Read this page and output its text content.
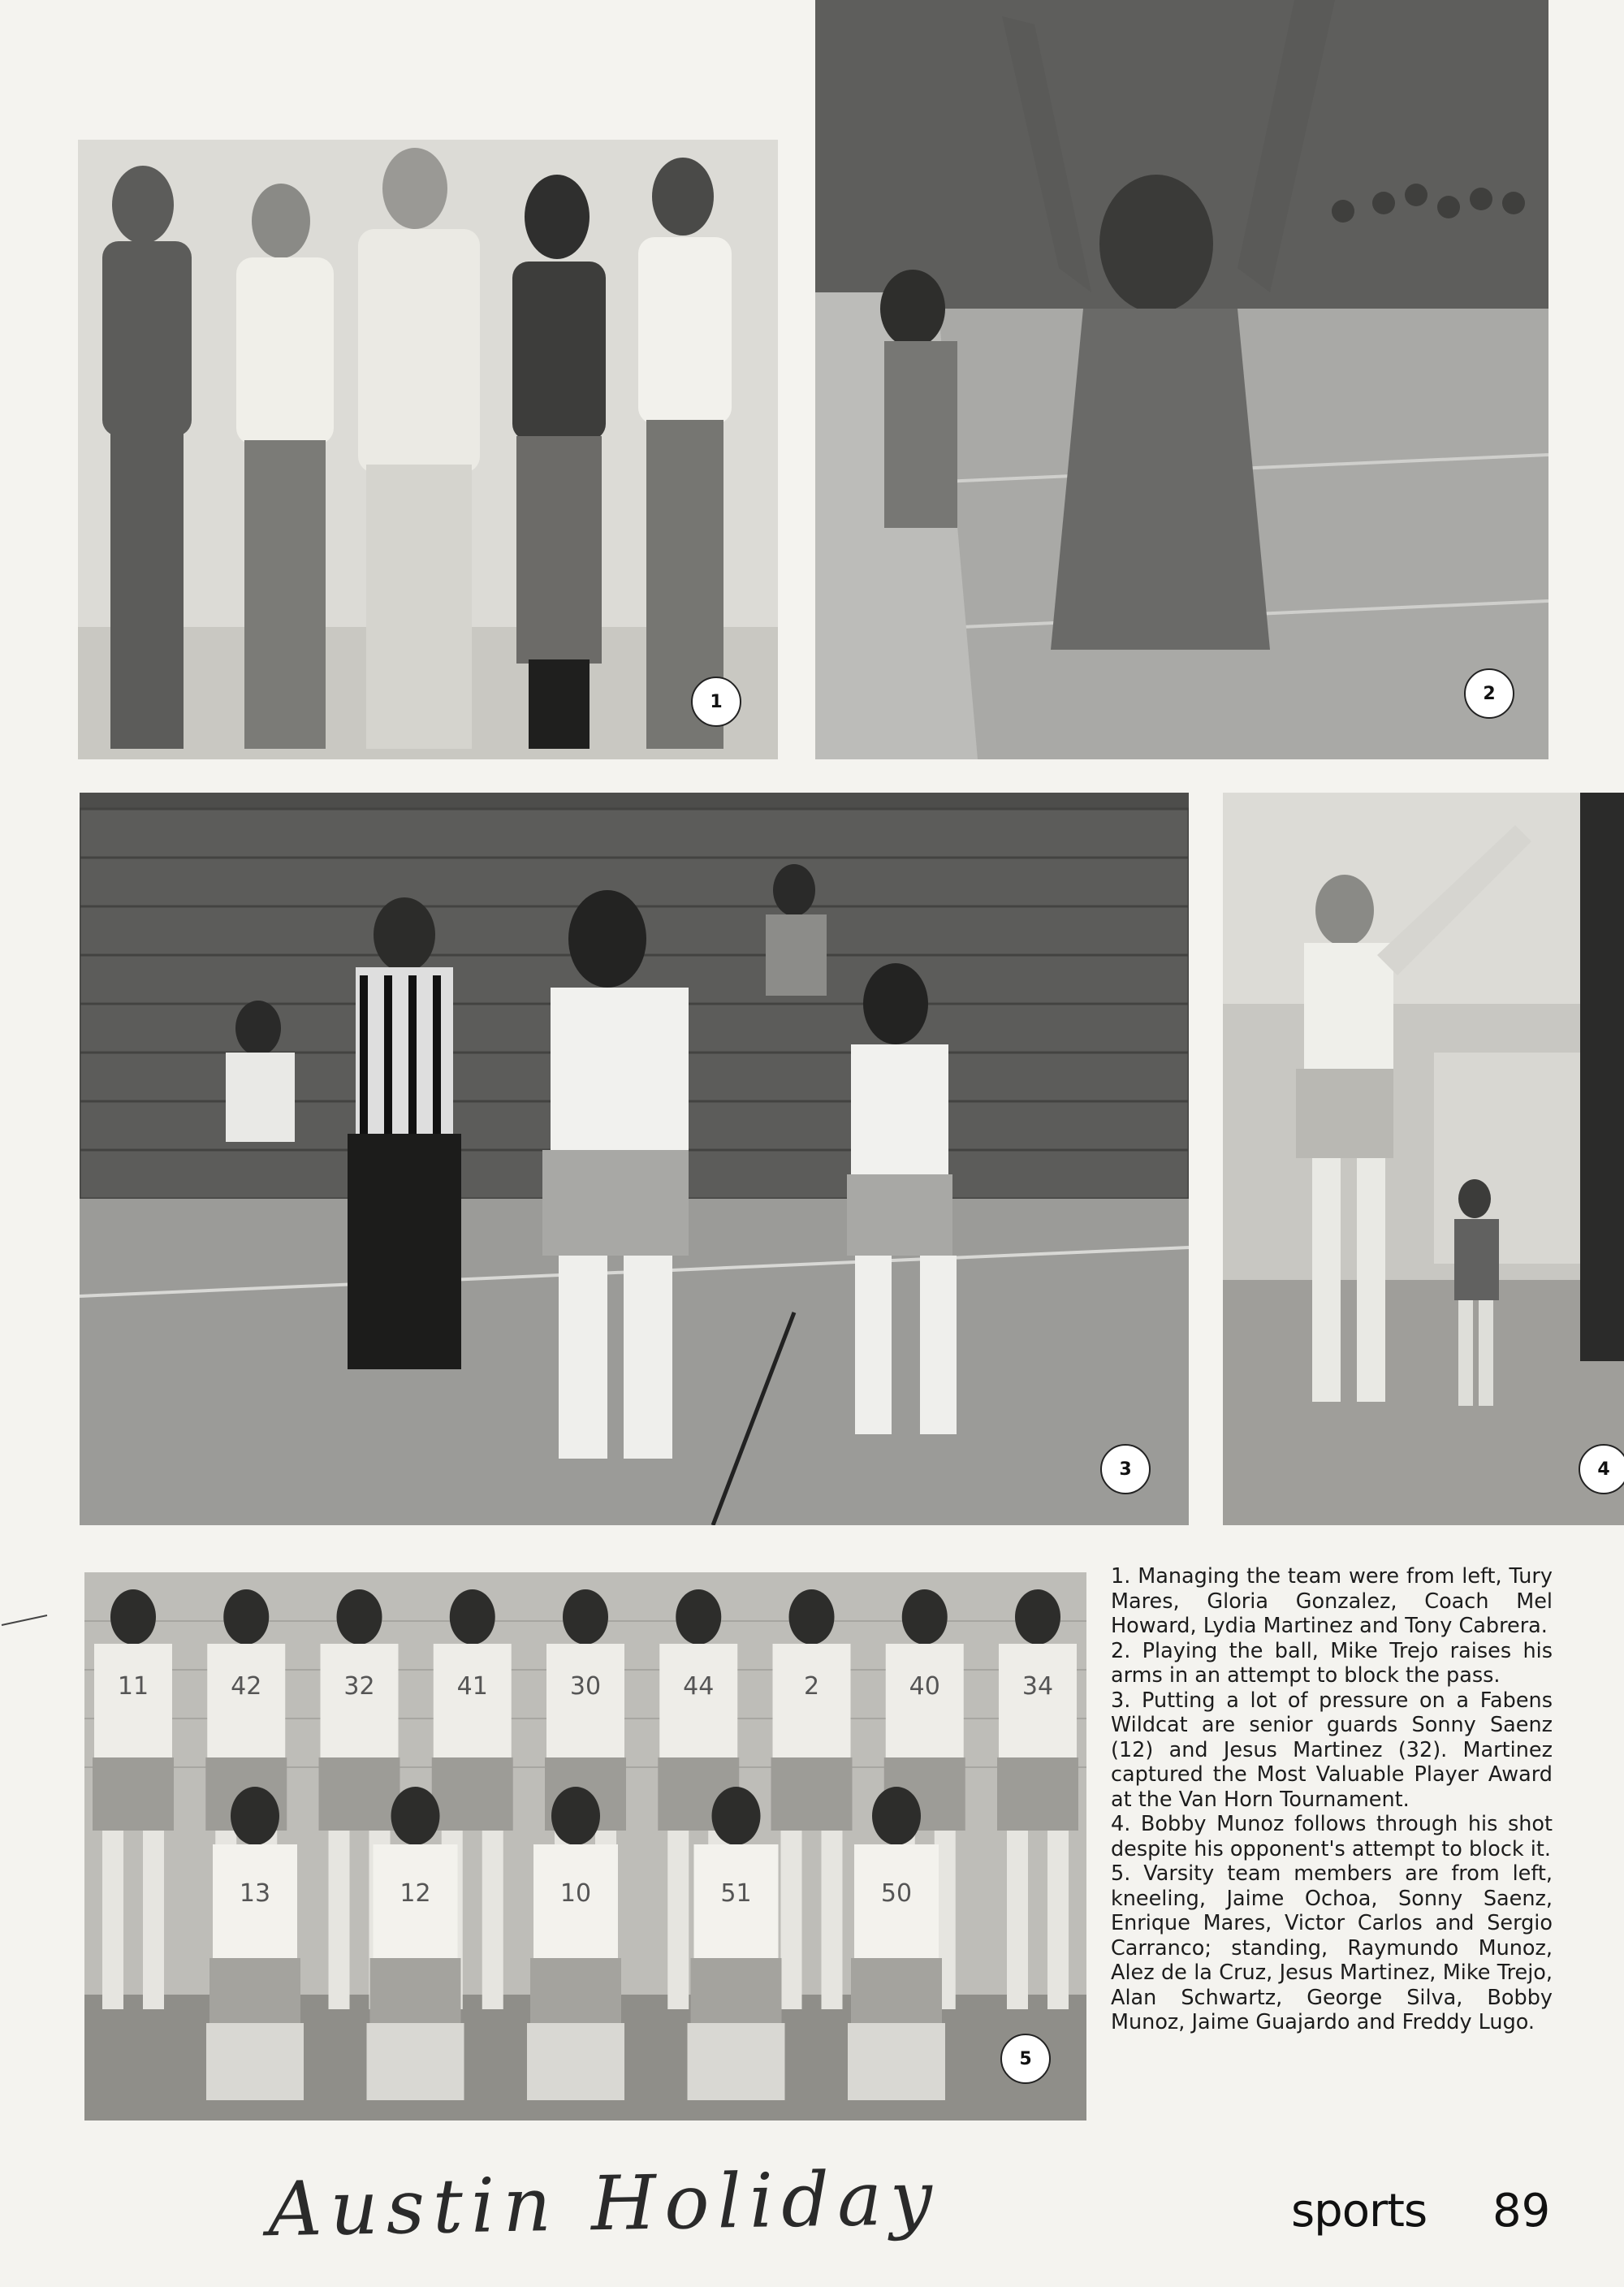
11	42	32	41	30	44	2	40	34
13	12	10	51	50
1	2
3	4
5

1. Managing the team were from left, Tury Mares, Gloria Gonzalez, Coach Mel Howard, Lydia Martinez and Tony Cabrera.

2. Playing the ball, Mike Trejo raises his arms in an attempt to block the pass.

3. Putting a lot of pressure on a Fabens Wildcat are senior guards Sonny Saenz (12) and Jesus Martinez (32). Martinez captured the Most Valuable Player Award at the Van Horn Tournament.

4. Bobby Munoz follows through his shot despite his opponent's attempt to block it.

5. Varsity team members are from left, kneeling, Jaime Ochoa, Sonny Saenz, Enrique Mares, Victor Carlos and Sergio Carranco; standing, Raymundo Munoz, Alez de la Cruz, Jesus Martinez, Mike Trejo, Alan Schwartz, George Silva, Bobby Munoz, Jaime Guajardo and Freddy Lugo.

Austin Holiday	sports 89
